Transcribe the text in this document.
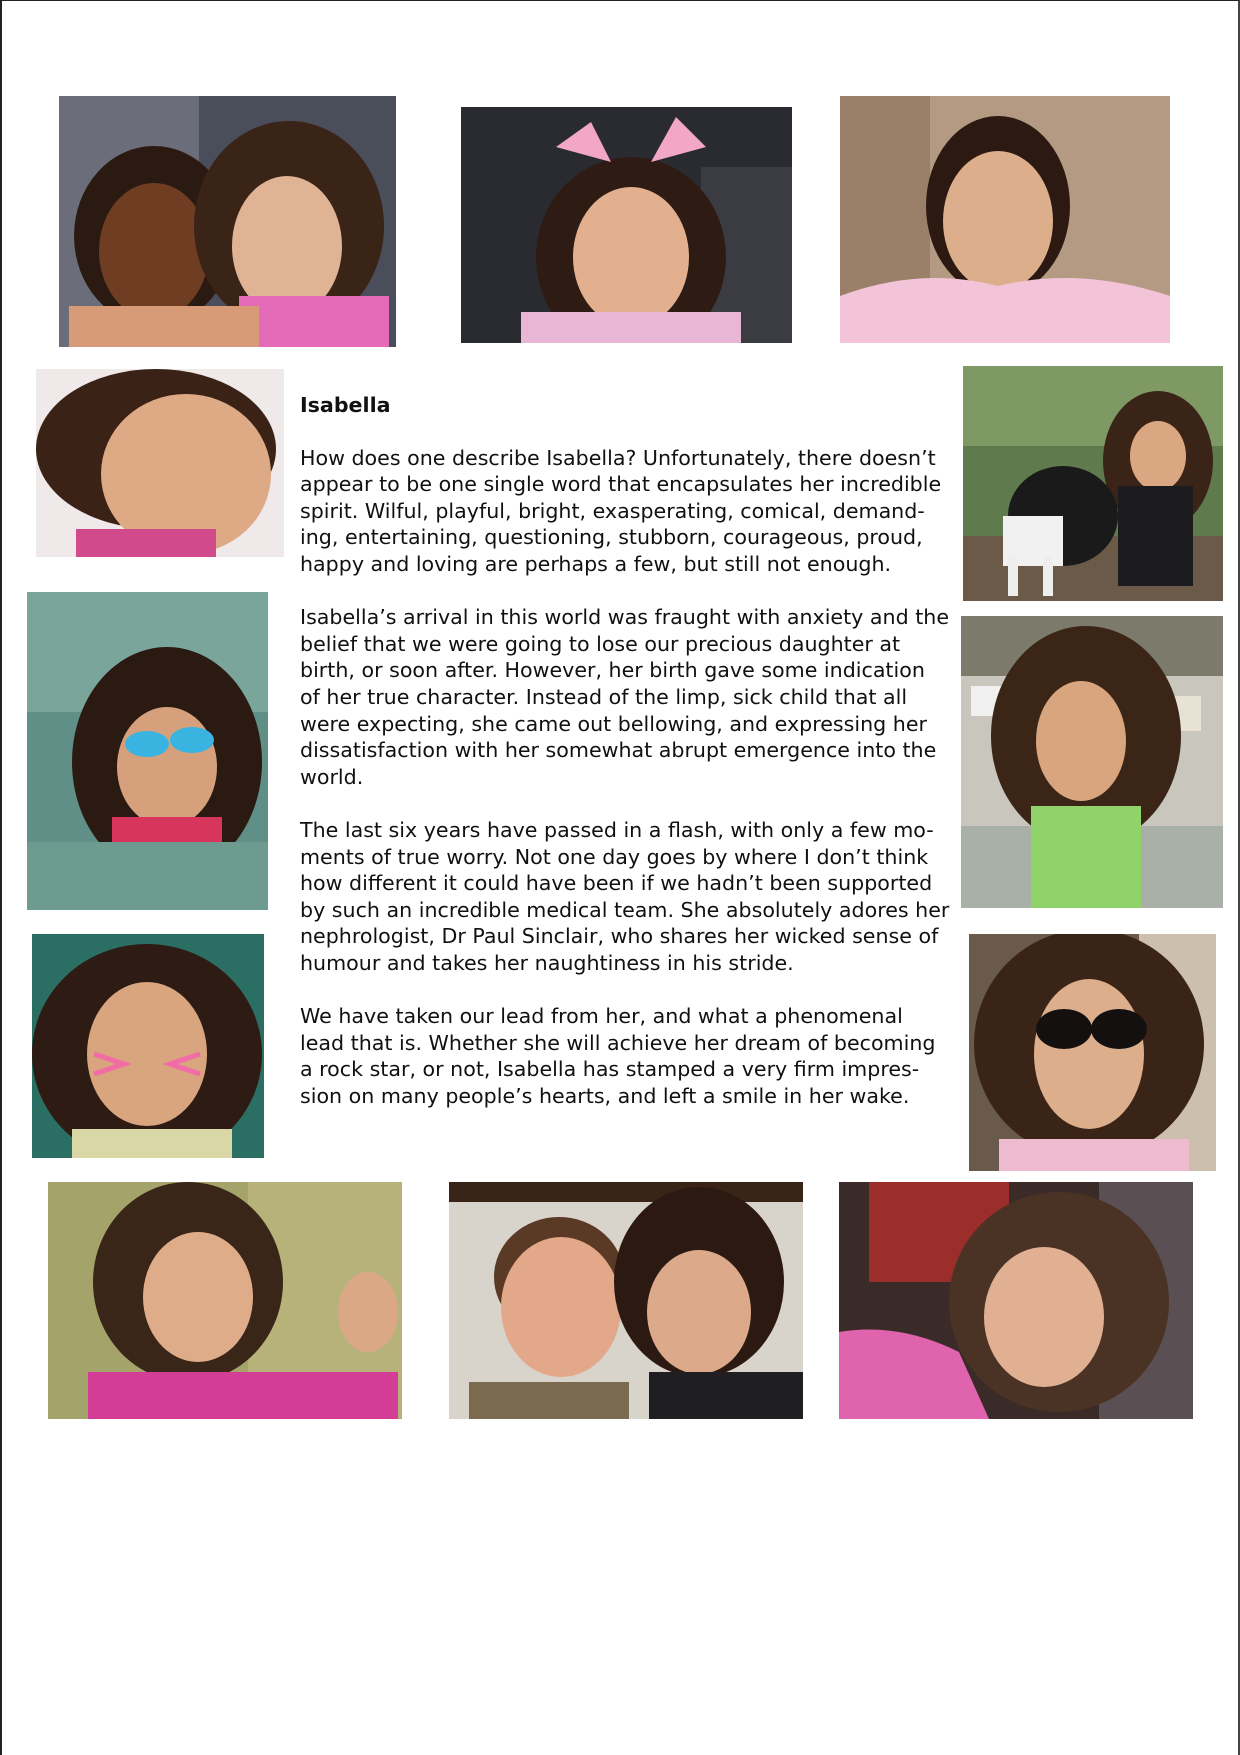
Isabella

How does one describe Isabella? Unfortunately, there doesn’t appear to be one single word that encapsulates her incredible spirit. Wilful, playful, bright, exasperating, comical, demand-ing, entertaining, questioning, stubborn, courageous, proud, happy and loving are perhaps a few, but still not enough.

Isabella’s arrival in this world was fraught with anxiety and the belief that we were going to lose our precious daughter at birth, or soon after. However, her birth gave some indication of her true character. Instead of the limp, sick child that all were expecting, she came out bellowing, and expressing her dissatisfaction with her somewhat abrupt emergence into the world.

The last six years have passed in a flash, with only a few mo-ments of true worry. Not one day goes by where I don’t think how different it could have been if we hadn’t been supported by such an incredible medical team. She absolutely adores her nephrologist, Dr Paul Sinclair, who shares her wicked sense of humour and takes her naughtiness in his stride.

We have taken our lead from her, and what a phenomenal lead that is. Whether she will achieve her dream of becoming a rock star, or not, Isabella has stamped a very firm impres-sion on many people’s hearts, and left a smile in her wake.
